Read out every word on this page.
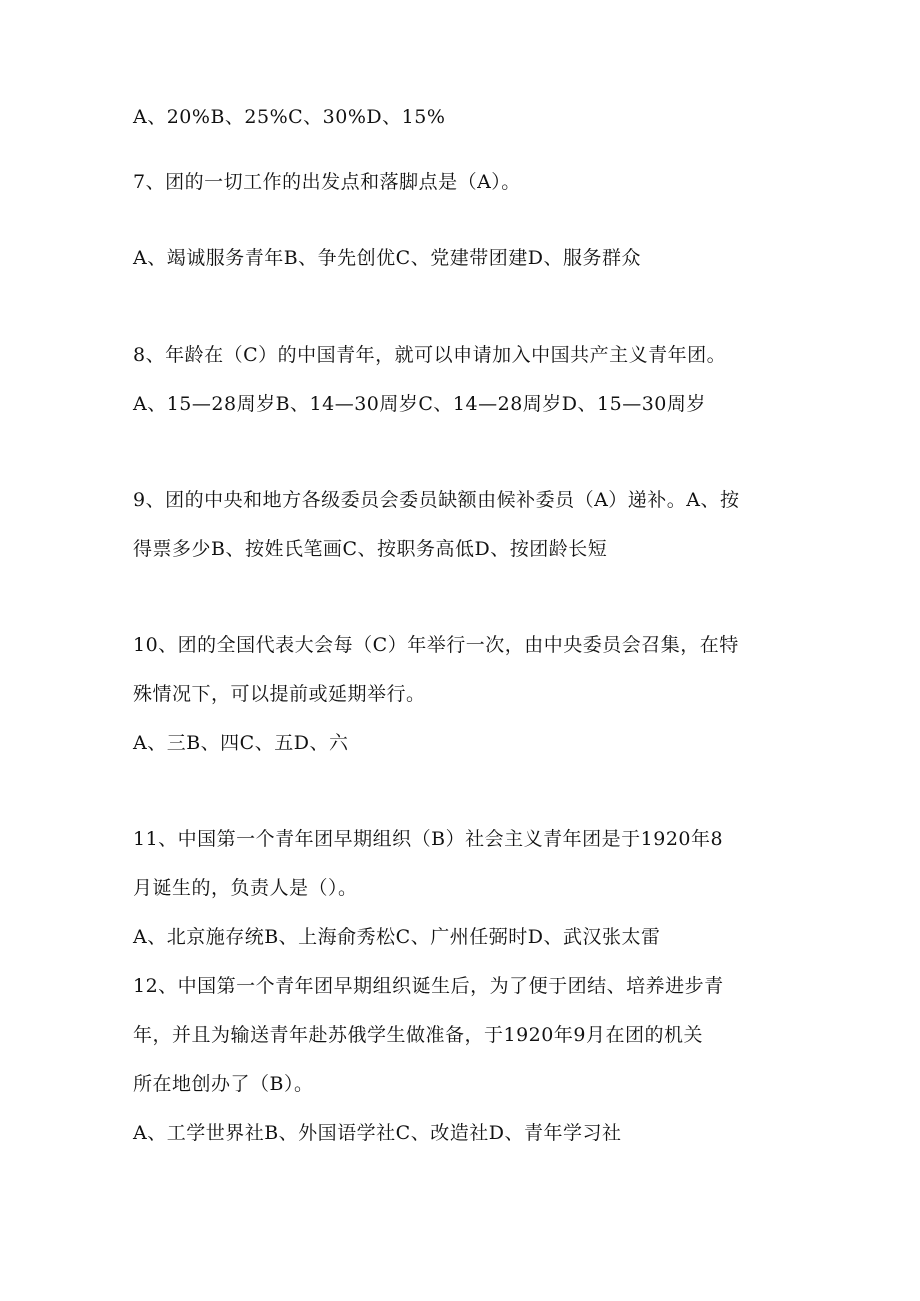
A、20%B、25%C、30%D、15%
7、团的一切工作的出发点和落脚点是（A）。
A、竭诚服务青年B、争先创优C、党建带团建D、服务群众
8、年龄在（C）的中国青年，就可以申请加入中国共产主义青年团。
A、15—28周岁B、14—30周岁C、14—28周岁D、15—30周岁
9、团的中央和地方各级委员会委员缺额由候补委员（A）递补。A、按
得票多少B、按姓氏笔画C、按职务高低D、按团龄长短
10、团的全国代表大会每（C）年举行一次，由中央委员会召集，在特
殊情况下，可以提前或延期举行。
A、三B、四C、五D、六
11、中国第一个青年团早期组织（B）社会主义青年团是于1920年8
月诞生的，负责人是（）。
A、北京施存统B、上海俞秀松C、广州任弼时D、武汉张太雷
12、中国第一个青年团早期组织诞生后，为了便于团结、培养进步青
年，并且为输送青年赴苏俄学生做准备，于1920年9月在团的机关
所在地创办了（B）。
A、工学世界社B、外国语学社C、改造社D、青年学习社
